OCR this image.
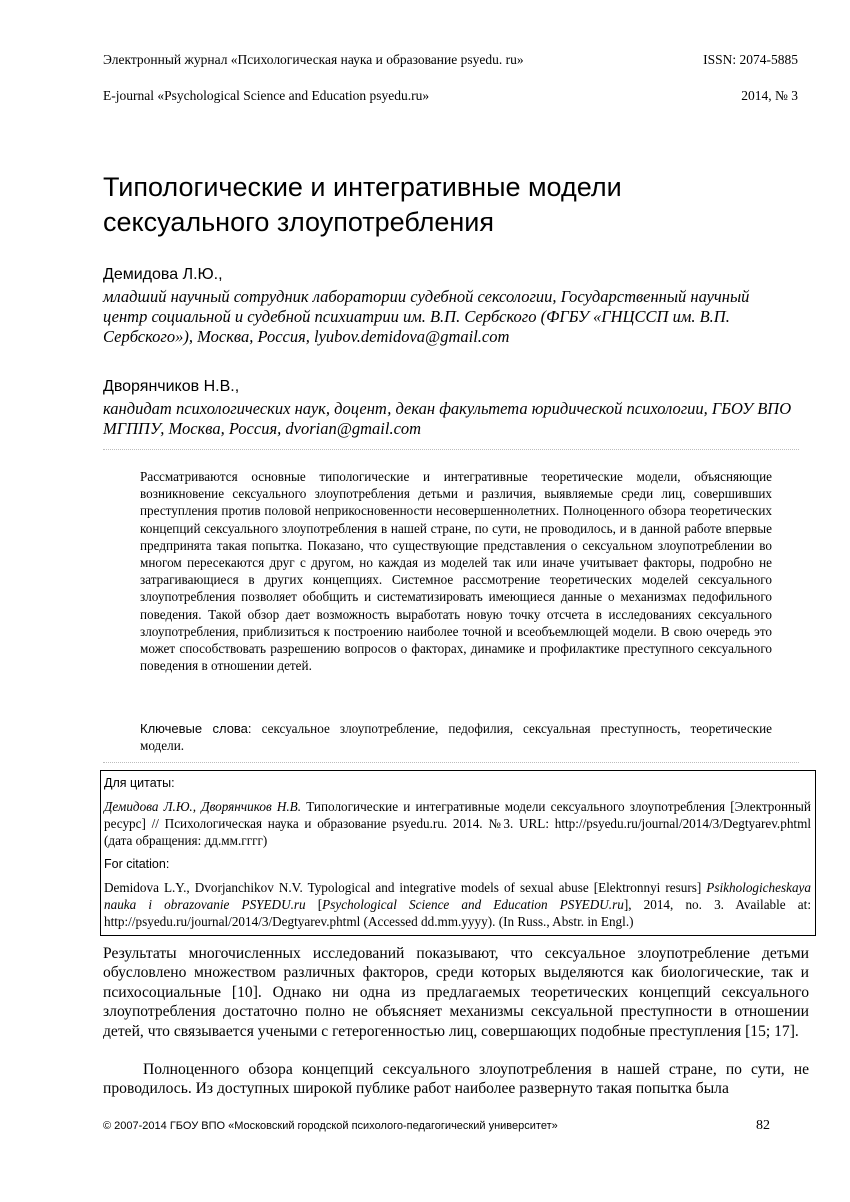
Электронный журнал «Психологическая наука и образование psyedu. ru»	ISSN: 2074-5885
E-journal «Psychological Science and Education psyedu.ru»	2014, № 3
Типологические и интегративные модели сексуального злоупотребления
Демидова Л.Ю.,
младший научный сотрудник лаборатории судебной сексологии, Государственный научный центр социальной и судебной психиатрии им. В.П. Сербского (ФГБУ «ГНЦССП им. В.П. Сербского»), Москва, Россия, lyubov.demidova@gmail.com
Дворянчиков Н.В.,
кандидат психологических наук, доцент, декан факультета юридической психологии, ГБОУ ВПО МГППУ, Москва, Россия, dvorian@gmail.com

Рассматриваются основные типологические и интегративные теоретические модели, объясняющие возникновение сексуального злоупотребления детьми и различия, выявляемые среди лиц, совершивших преступления против половой неприкосновенности несовершеннолетних. Полноценного обзора теоретических концепций сексуального злоупотребления в нашей стране, по сути, не проводилось, и в данной работе впервые предпринята такая попытка. Показано, что существующие представления о сексуальном злоупотреблении во многом пересекаются друг с другом, но каждая из моделей так или иначе учитывает факторы, подробно не затрагивающиеся в других концепциях. Системное рассмотрение теоретических моделей сексуального злоупотребления позволяет обобщить и систематизировать имеющиеся данные о механизмах педофильного поведения. Такой обзор дает возможность выработать новую точку отсчета в исследованиях сексуального злоупотребления, приблизиться к построению наиболее точной и всеобъемлющей модели. В свою очередь это может способствовать разрешению вопросов о факторах, динамике и профилактике преступного сексуального поведения в отношении детей.

Ключевые слова: сексуальное злоупотребление, педофилия, сексуальная преступность, теоретические модели.

Для цитаты:

Демидова Л.Ю., Дворянчиков Н.В. Типологические и интегративные модели сексуального злоупотребления [Электронный ресурс] // Психологическая наука и образование psyedu.ru. 2014. №3. URL: http://psyedu.ru/journal/2014/3/Degtyarev.phtml (дата обращения: дд.мм.гггг)

For citation:

Demidova L.Y., Dvorjanchikov N.V. Typological and integrative models of sexual abuse [Elektronnyi resurs] Psikhologicheskaya nauka i obrazovanie PSYEDU.ru [Psychological Science and Education PSYEDU.ru], 2014, no. 3. Available at: http://psyedu.ru/journal/2014/3/Degtyarev.phtml (Accessed dd.mm.yyyy). (In Russ., Abstr. in Engl.)

Результаты многочисленных исследований показывают, что сексуальное злоупотребление детьми обусловлено множеством различных факторов, среди которых выделяются как биологические, так и психосоциальные [10]. Однако ни одна из предлагаемых теоретических концепций сексуального злоупотребления достаточно полно не объясняет механизмы сексуальной преступности в отношении детей, что связывается учеными с гетерогенностью лиц, совершающих подобные преступления [15; 17].

Полноценного обзора концепций сексуального злоупотребления в нашей стране, по сути, не проводилось. Из доступных широкой публике работ наиболее развернуто такая попытка была

© 2007-2014 ГБОУ ВПО «Московский городской психолого-педагогический университет»	82
